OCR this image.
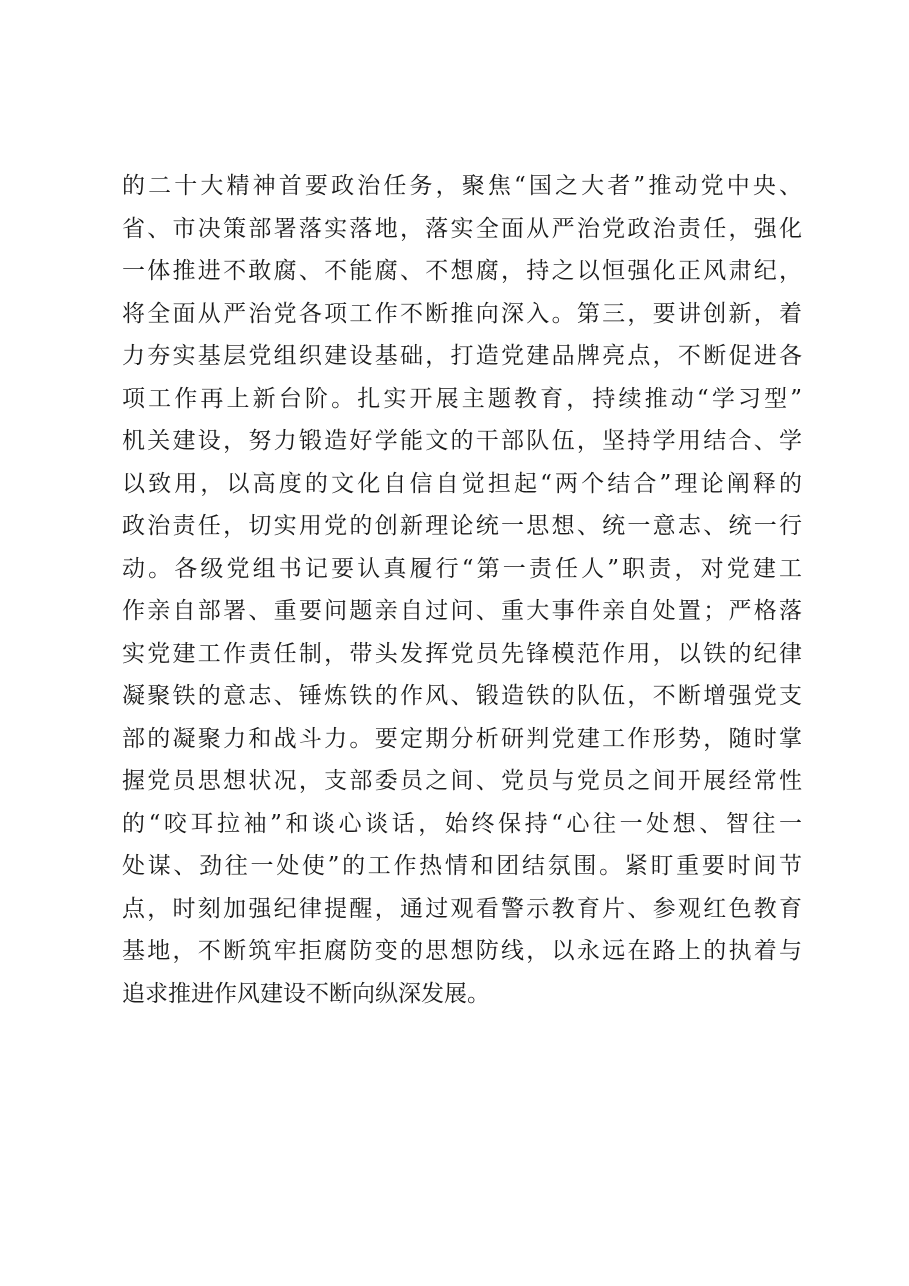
的二十大精神首要政治任务，聚焦“国之大者”推动党中央、
省、市决策部署落实落地，落实全面从严治党政治责任，强化
一体推进不敢腐、不能腐、不想腐，持之以恒强化正风肃纪，
将全面从严治党各项工作不断推向深入。第三，要讲创新，着
力夯实基层党组织建设基础，打造党建品牌亮点，不断促进各
项工作再上新台阶。扎实开展主题教育，持续推动“学习型”
机关建设，努力锻造好学能文的干部队伍，坚持学用结合、学
以致用，以高度的文化自信自觉担起“两个结合”理论阐释的
政治责任，切实用党的创新理论统一思想、统一意志、统一行
动。各级党组书记要认真履行“第一责任人”职责，对党建工
作亲自部署、重要问题亲自过问、重大事件亲自处置；严格落
实党建工作责任制，带头发挥党员先锋模范作用，以铁的纪律
凝聚铁的意志、锤炼铁的作风、锻造铁的队伍，不断增强党支
部的凝聚力和战斗力。要定期分析研判党建工作形势，随时掌
握党员思想状况，支部委员之间、党员与党员之间开展经常性
的“咬耳拉袖”和谈心谈话，始终保持“心往一处想、智往一
处谋、劲往一处使”的工作热情和团结氛围。紧盯重要时间节
点，时刻加强纪律提醒，通过观看警示教育片、参观红色教育
基地，不断筑牢拒腐防变的思想防线，以永远在路上的执着与
追求推进作风建设不断向纵深发展。
